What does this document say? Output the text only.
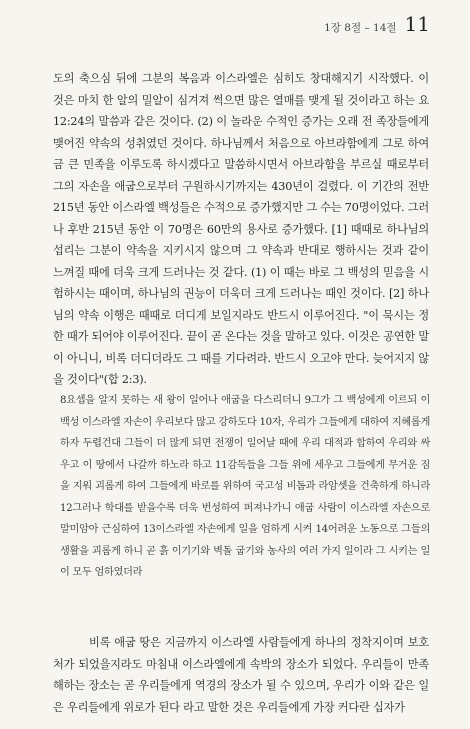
1장 8절 – 14절 11

도의 축으심 뒤에 그분의 복음과 이스라엘은 심히도 창대해지기 시작했다. 이 것은 마치 한 알의 밀알이 심겨져 썩으면 많은 열매를 맺게 될 것이라고 하는 요 12:24의 말씀과 같은 것이다. (2) 이 놀라운 수적인 증가는 오래 전 족장들에게 맺어진 약속의 성취였던 것이다. 하나님께서 처음으로 아브라함에게 그로 하여금 큰 민족을 이루도록 하시겠다고 말씀하시면서 아브라함을 부르실 때로부터 그의 자손을 애굽으로부터 구원하시기까지는 430년이 걸렸다. 이 기간의 전반 215년 동안 이스라엘 백성들은 수적으로 증가했지만 그 수는 70명이었다. 그러나 후반 215년 동안 이 70명은 60만의 용사로 증가했다. [1] 때때로 하나님의 섭리는 그분이 약속을 지키시지 않으며 그 약속과 반대로 행하시는 것과 같이 느껴질 때에 더욱 크게 드러나는 것 같다. (1) 이 때는 바로 그 백성의 믿음을 시험하시는 때이며, 하나님의 권능이 더욱더 크게 드러나는 때인 것이다. [2] 하나님의 약속 이행은 때때로 더디게 보일지라도 반드시 이루어진다. "이 묵시는 정한 때가 되어야 이루어진다. 끝이 곧 온다는 것을 말하고 있다. 이것은 공연한 말이 아니니, 비록 더디더라도 그 때를 기다려라. 반드시 오고야 만다. 늦어지지 않을 것이다"(합 2:3).

8요셉을 알지 못하는 새 왕이 일어나 애굽을 다스리더니 9그가 그 백성에게 이르되 이 백성 이스라엘 자손이 우리보다 많고 강하도다 10자, 우리가 그들에게 대하여 지혜롭게 하자 두렵건대 그들이 더 많게 되면 전쟁이 일어날 때에 우리 대적과 합하여 우리와 싸우고 이 땅에서 나갈까 하노라 하고 11감독들을 그들 위에 세우고 그들에게 무거운 짐을 지워 괴롭게 하여 그들에게 바로를 위하여 국고성 비돔과 라암셋을 건축하게 하니라 12그러나 학대를 받을수록 더욱 번성하여 퍼져나가니 애굽 사람이 이스라엘 자손으로 말미암아 근심하여 13이스라엘 자손에게 일을 엄하게 시켜 14어려운 노동으로 그들의 생활을 괴롭게 하니 곧 흙 이기기와 벽돌 굽기와 농사의 여러 가지 일이라 그 시키는 일이 모두 엄하였더라

비록 애굽 땅은 지금까지 이스라엘 사람들에게 하나의 정착지이며 보호처가 되었을지라도 마침내 이스라엘에게 속박의 장소가 되었다. 우리들이 만족해하는 장소는 곧 우리들에게 역경의 장소가 될 수 있으며, 우리가 이와 같은 일은 우리들에게 위로가 된다 라고 말한 것은 우리들에게 가장 커다란 십자가
